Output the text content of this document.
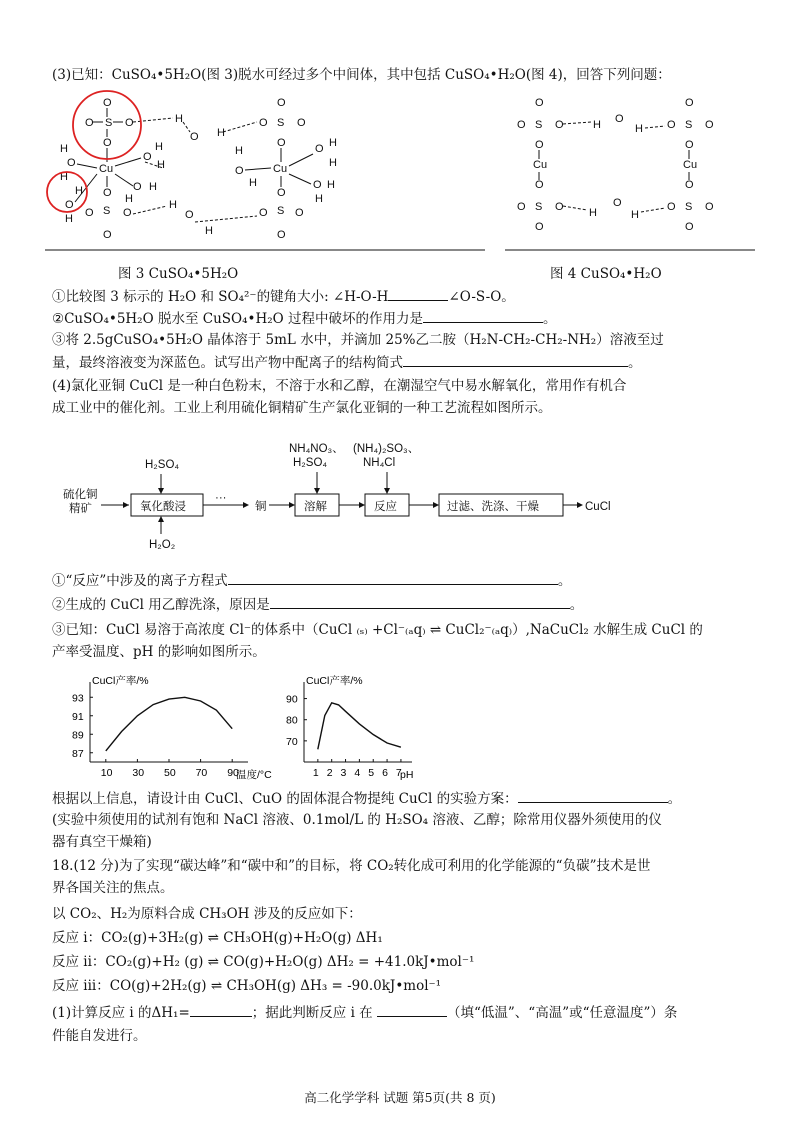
(3)已知：CuSO₄•5H₂O(图 3)脱水可经过多个中间体，其中包括 CuSO₄•H₂O(图 4)，回答下列问题：
O
O S O
O
Cu
H
O
H
H
O
H
O
H
H
O H
H
O
S
O	O
O
H
O H
H
O
H
Cu
O
O S O
O
H
O
H
O H
H
O H
H
O
S
O O
O
O
O S O
O
Cu
O
O S O
O
H O
H
H
O
H
O
O S O
O
Cu
O
O S O
O
图 3 CuSO₄•5H₂O	图 4 CuSO₄•H₂O
①比较图 3 标示的 H₂O 和 SO₄²⁻的键角大小: ∠H-O-H	∠O-S-O。
②CuSO₄•5H₂O 脱水至 CuSO₄•H₂O 过程中破坏的作用力是	。
③将 2.5gCuSO₄•5H₂O 晶体溶于 5mL 水中，并滴加 25%乙二胺（H₂N-CH₂-CH₂-NH₂）溶液至过
量，最终溶液变为深蓝色。试写出产物中配离子的结构简式	。
(4)氯化亚铜 CuCl 是一种白色粉末，不溶于水和乙醇，在潮湿空气中易水解氧化，常用作有机合
成工业中的催化剂。工业上利用硫化铜精矿生产氯化亚铜的一种工艺流程如图所示。
硫化铜
精矿
H₂SO₄
氧化酸浸
H₂O₂
···
铜
NH₄NO₃、
H₂SO₄
溶解
(NH₄)₂SO₃、
NH₄Cl
反应	过滤、洗涤、干燥	CuCl
①“反应”中涉及的离子方程式	。
②生成的 CuCl 用乙醇洗涤，原因是	。
③已知：CuCl 易溶于高浓度 Cl⁻的体系中（CuCl ₍ₛ₎ +Cl⁻₍ₐq₎ ⇌ CuCl₂⁻₍ₐq₎）,NaCuCl₂ 水解生成 CuCl 的
产率受温度、pH 的影响如图所示。
CuCl产率/%
温度/°C
10 30 50 70 90
93
91
89
87
CuCl产率/%
pH
1 2 3 4 5 6 7
90
80
70
根据以上信息，请设计由 CuCl、CuO 的固体混合物提纯 CuCl 的实验方案：	。
(实验中须使用的试剂有饱和 NaCl 溶液、0.1mol/L 的 H₂SO₄ 溶液、乙醇；除常用仪器外须使用的仪
器有真空干燥箱)
18.(12 分)为了实现“碳达峰”和“碳中和”的目标，将 CO₂转化成可利用的化学能源的“负碳”技术是世
界各国关注的焦点。
以 CO₂、H₂为原料合成 CH₃OH 涉及的反应如下：
反应 i：CO₂(g)+3H₂(g) ⇌ CH₃OH(g)+H₂O(g) ΔH₁
反应 ii：CO₂(g)+H₂ (g) ⇌ CO(g)+H₂O(g) ΔH₂ = +41.0kJ•mol⁻¹
反应 iii：CO(g)+2H₂(g) ⇌ CH₃OH(g) ΔH₃ = -90.0kJ•mol⁻¹
(1)计算反应 i 的ΔH₁=	；据此判断反应 i 在	（填“低温”、“高温”或“任意温度”）条
件能自发进行。
高二化学学科 试题 第5页(共 8 页)
